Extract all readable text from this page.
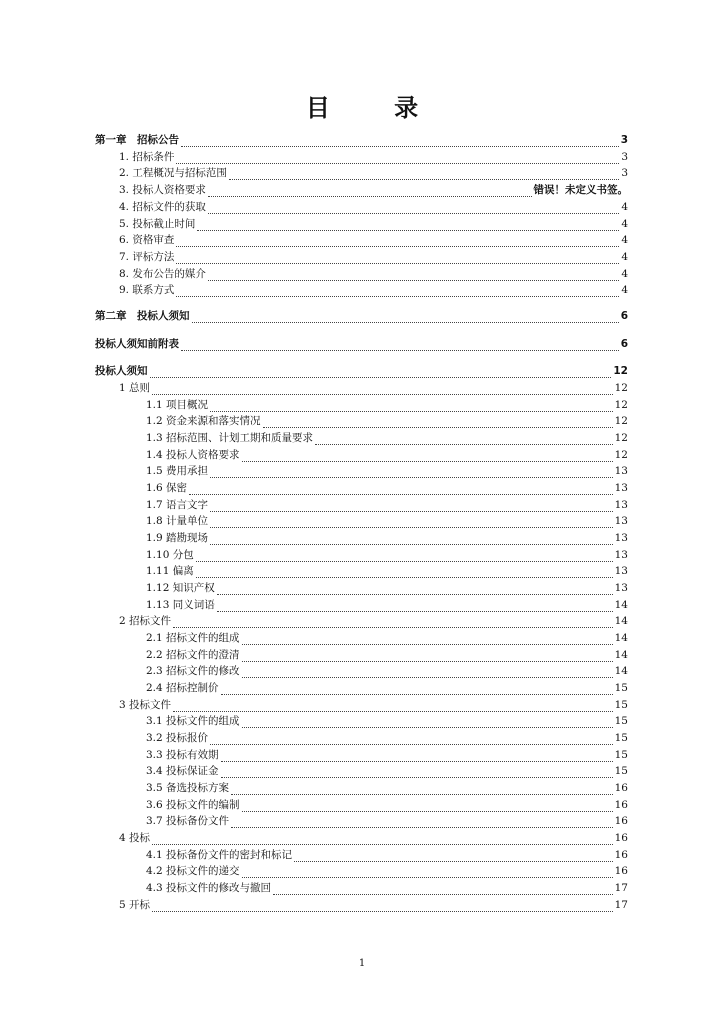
目 录
第一章　招标公告	3
1. 招标条件	3
2. 工程概况与招标范围	3
3. 投标人资格要求	错误！未定义书签。
4. 招标文件的获取	4
5. 投标截止时间	4
6. 资格审查	4
7. 评标方法	4
8. 发布公告的媒介	4
9. 联系方式	4
第二章　投标人须知	6
投标人须知前附表	6
投标人须知	12
1 总则	12
1.1 项目概况	12
1.2 资金来源和落实情况	12
1.3 招标范围、计划工期和质量要求	12
1.4 投标人资格要求	12
1.5 费用承担	13
1.6 保密	13
1.7 语言文字	13
1.8 计量单位	13
1.9 踏勘现场	13
1.10 分包	13
1.11 偏离	13
1.12 知识产权	13
1.13 同义词语	14
2 招标文件	14
2.1 招标文件的组成	14
2.2 招标文件的澄清	14
2.3 招标文件的修改	14
2.4 招标控制价	15
3 投标文件	15
3.1 投标文件的组成	15
3.2 投标报价	15
3.3 投标有效期	15
3.4 投标保证金	15
3.5 备选投标方案	16
3.6 投标文件的编制	16
3.7 投标备份文件	16
4 投标	16
4.1 投标备份文件的密封和标记	16
4.2 投标文件的递交	16
4.3 投标文件的修改与撤回	17
5 开标	17
1
